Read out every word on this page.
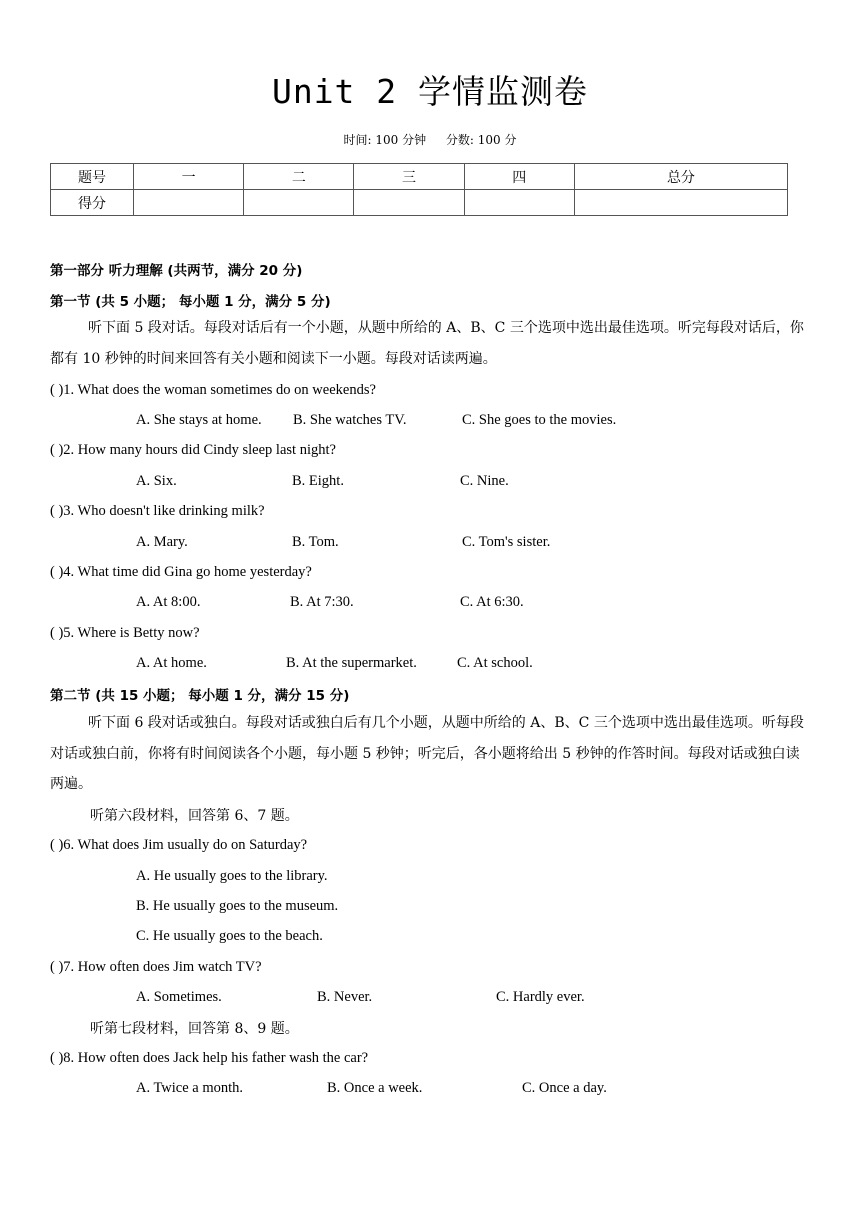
Unit 2 学情监测卷
时间: 100 分钟 分数: 100 分
题号	一	二	三	四	总分
得分					
第一部分 听力理解 (共两节，满分 20 分)
第一节 (共 5 小题； 每小题 1 分，满分 5 分)
听下面 5 段对话。每段对话后有一个小题，从题中所给的 A、B、C 三个选项中选出最佳选项。听完每段对话后，你都有 10 秒钟的时间来回答有关小题和阅读下一小题。每段对话读两遍。
( )1. What does the woman sometimes do on weekends?
A. She stays at home. B. She watches TV.	C. She goes to the movies.
( )2. How many hours did Cindy sleep last night?
A. Six.	B. Eight.	C. Nine.
( )3. Who doesn't like drinking milk?
A. Mary.	B. Tom.	C. Tom's sister.
( )4. What time did Gina go home yesterday?
A. At 8:00.	B. At 7:30.	C. At 6:30.
( )5. Where is Betty now?
A. At home.	B. At the supermarket.	C. At school.
第二节 (共 15 小题； 每小题 1 分，满分 15 分)
听下面 6 段对话或独白。每段对话或独白后有几个小题，从题中所给的 A、B、C 三个选项中选出最佳选项。听每段对话或独白前，你将有时间阅读各个小题，每小题 5 秒钟；听完后，各小题将给出 5 秒钟的作答时间。每段对话或独白读两遍。
听第六段材料，回答第 6、7 题。
( )6. What does Jim usually do on Saturday?
A. He usually goes to the library.
B. He usually goes to the museum.
C. He usually goes to the beach.
( )7. How often does Jim watch TV?
A. Sometimes.	B. Never.	C. Hardly ever.
听第七段材料，回答第 8、9 题。
( )8. How often does Jack help his father wash the car?
A. Twice a month.	B. Once a week.	C. Once a day.
